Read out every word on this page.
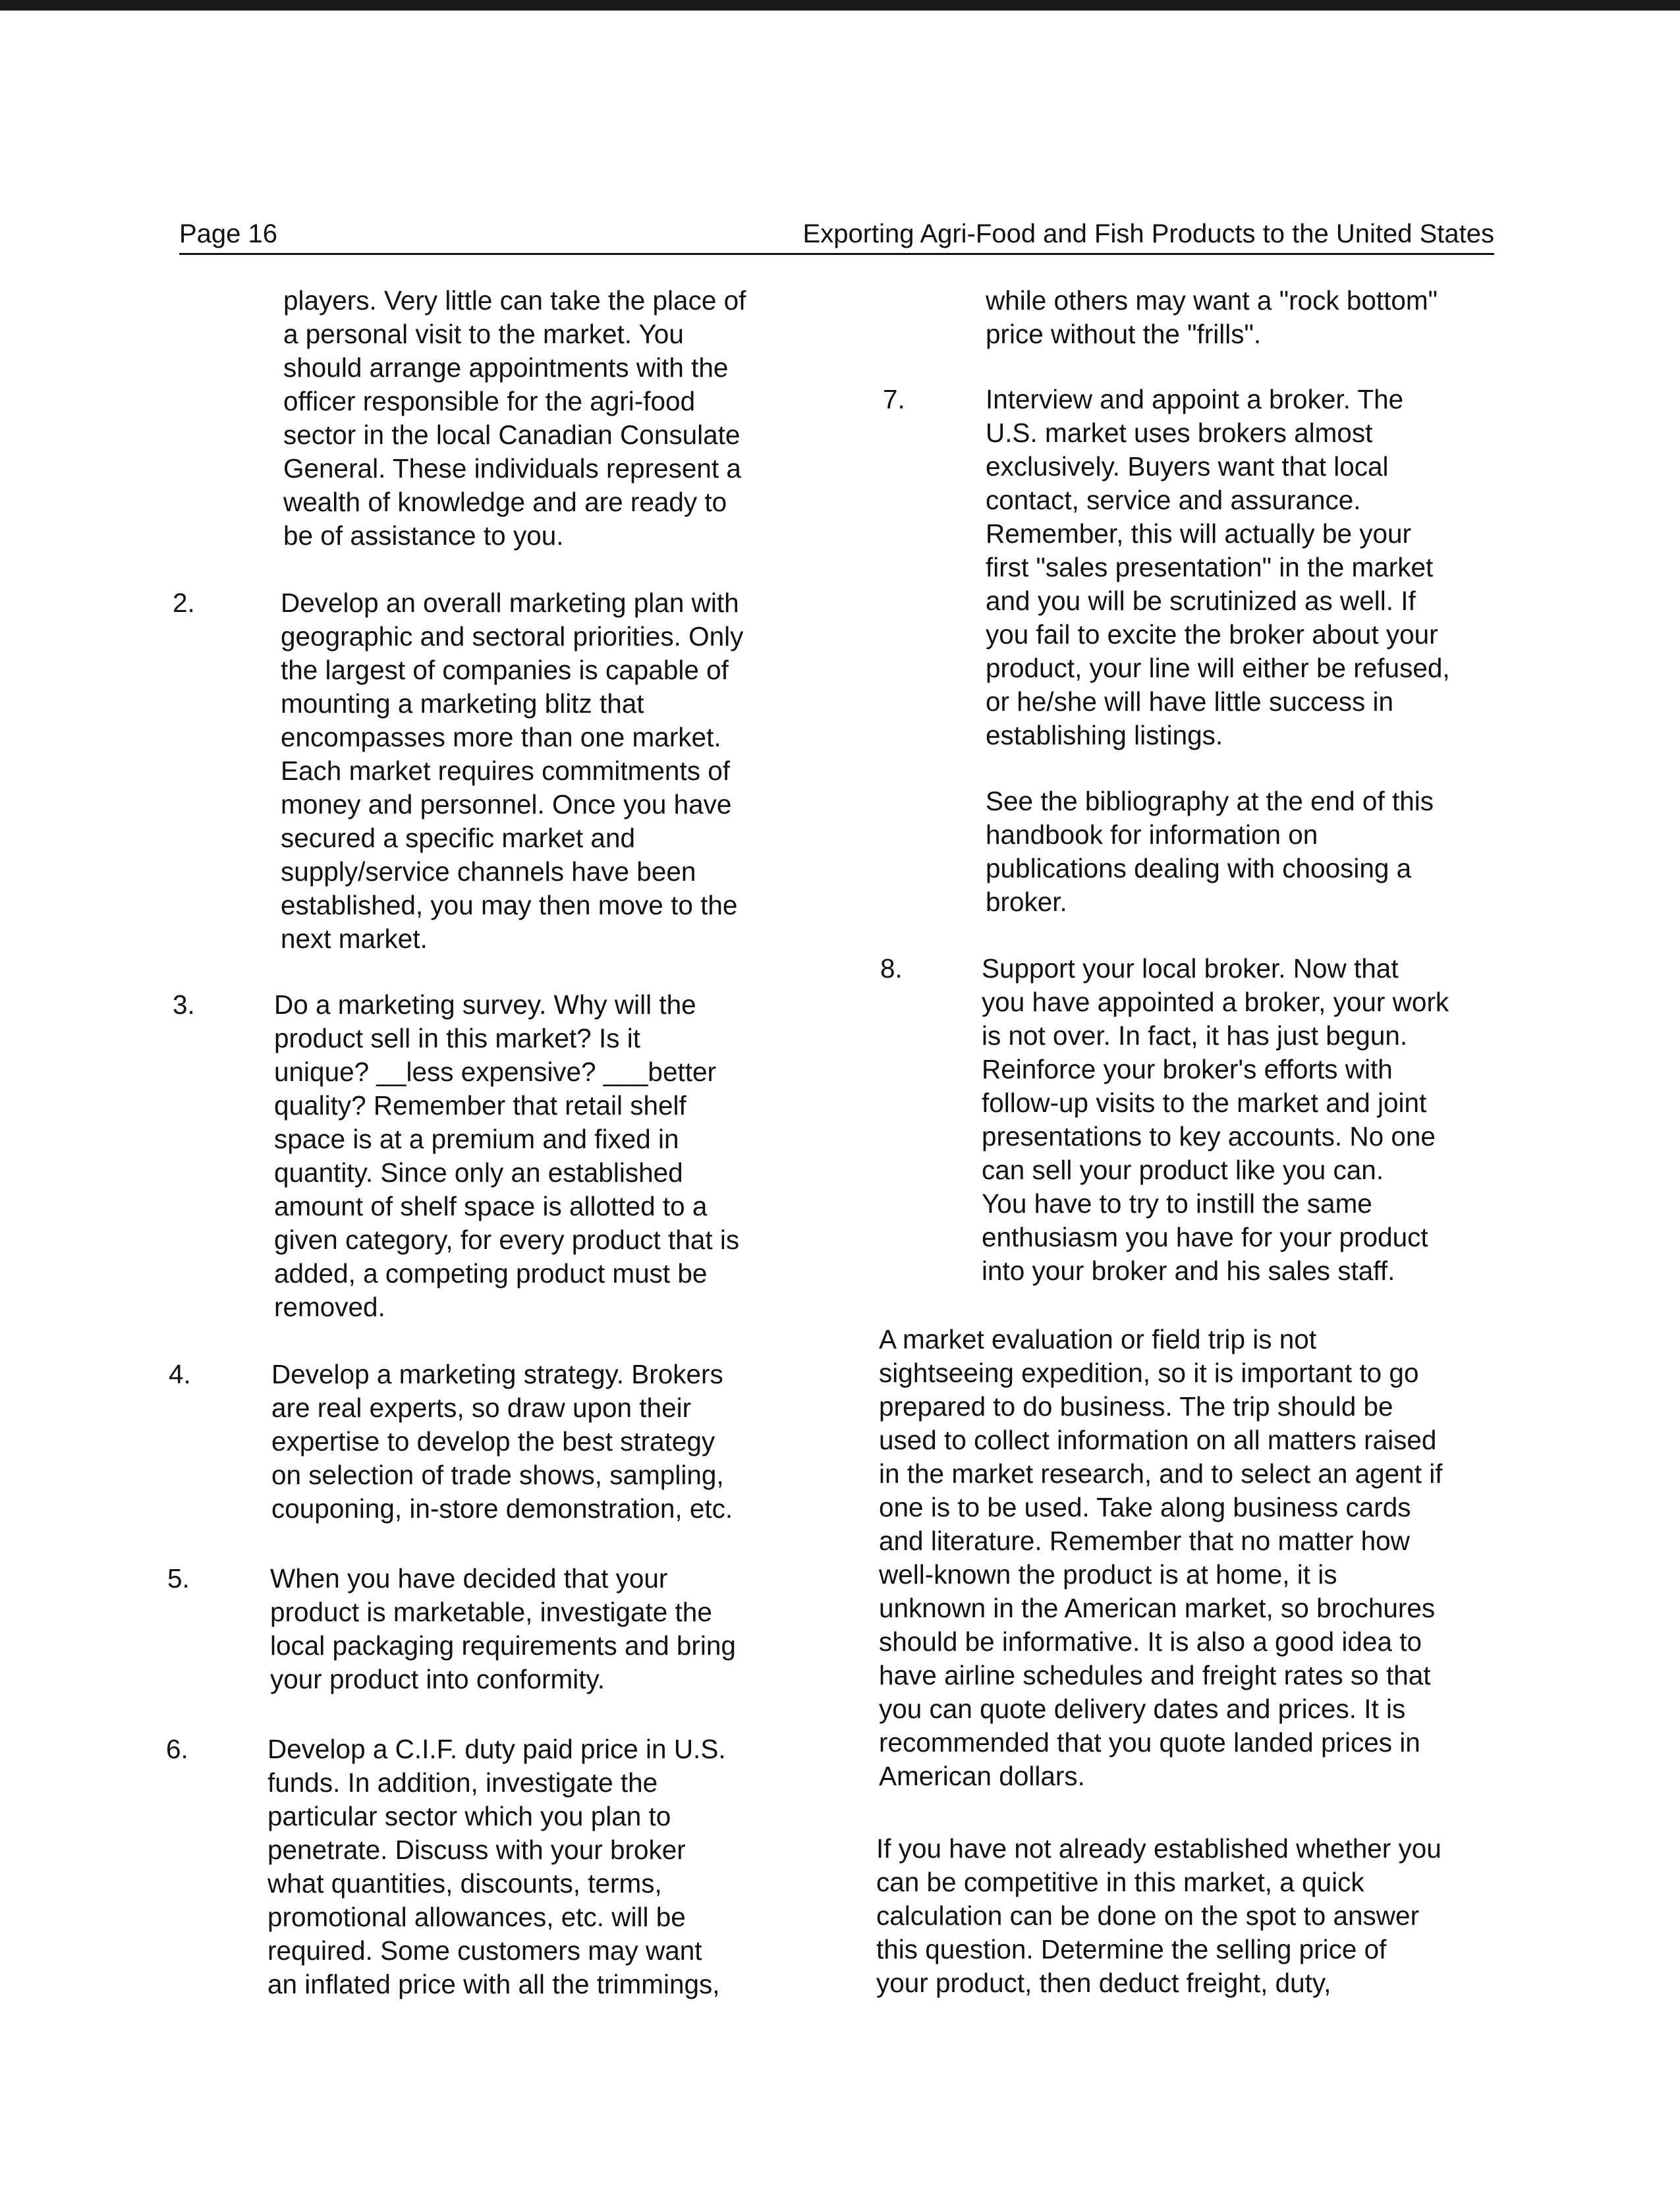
Page 16	Exporting Agri-Food and Fish Products to the United States
players. Very little can take the place of
a personal visit to the market. You
should arrange appointments with the
officer responsible for the agri-food
sector in the local Canadian Consulate
General. These individuals represent a
wealth of knowledge and are ready to
be of assistance to you.
2.	Develop an overall marketing plan with
geographic and sectoral priorities. Only
the largest of companies is capable of
mounting a marketing blitz that
encompasses more than one market.
Each market requires commitments of
money and personnel. Once you have
secured a specific market and
supply/service channels have been
established, you may then move to the
next market.
3.	Do a marketing survey. Why will the
product sell in this market? Is it
unique? __less expensive? ___better
quality? Remember that retail shelf
space is at a premium and fixed in
quantity. Since only an established
amount of shelf space is allotted to a
given category, for every product that is
added, a competing product must be
removed.
4.	Develop a marketing strategy. Brokers
are real experts, so draw upon their
expertise to develop the best strategy
on selection of trade shows, sampling,
couponing, in-store demonstration, etc.
5.	When you have decided that your
product is marketable, investigate the
local packaging requirements and bring
your product into conformity.
6.	Develop a C.I.F. duty paid price in U.S.
funds. In addition, investigate the
particular sector which you plan to
penetrate. Discuss with your broker
what quantities, discounts, terms,
promotional allowances, etc. will be
required. Some customers may want
an inflated price with all the trimmings,
while others may want a "rock bottom"
price without the "frills".
7.	Interview and appoint a broker. The
U.S. market uses brokers almost
exclusively. Buyers want that local
contact, service and assurance.
Remember, this will actually be your
first "sales presentation" in the market
and you will be scrutinized as well. If
you fail to excite the broker about your
product, your line will either be refused,
or he/she will have little success in
establishing listings.
See the bibliography at the end of this
handbook for information on
publications dealing with choosing a
broker.
8.	Support your local broker. Now that
you have appointed a broker, your work
is not over. In fact, it has just begun.
Reinforce your broker's efforts with
follow-up visits to the market and joint
presentations to key accounts. No one
can sell your product like you can.
You have to try to instill the same
enthusiasm you have for your product
into your broker and his sales staff.
A market evaluation or field trip is not
sightseeing expedition, so it is important to go
prepared to do business. The trip should be
used to collect information on all matters raised
in the market research, and to select an agent if
one is to be used. Take along business cards
and literature. Remember that no matter how
well-known the product is at home, it is
unknown in the American market, so brochures
should be informative. It is also a good idea to
have airline schedules and freight rates so that
you can quote delivery dates and prices. It is
recommended that you quote landed prices in
American dollars.
If you have not already established whether you
can be competitive in this market, a quick
calculation can be done on the spot to answer
this question. Determine the selling price of
your product, then deduct freight, duty,
